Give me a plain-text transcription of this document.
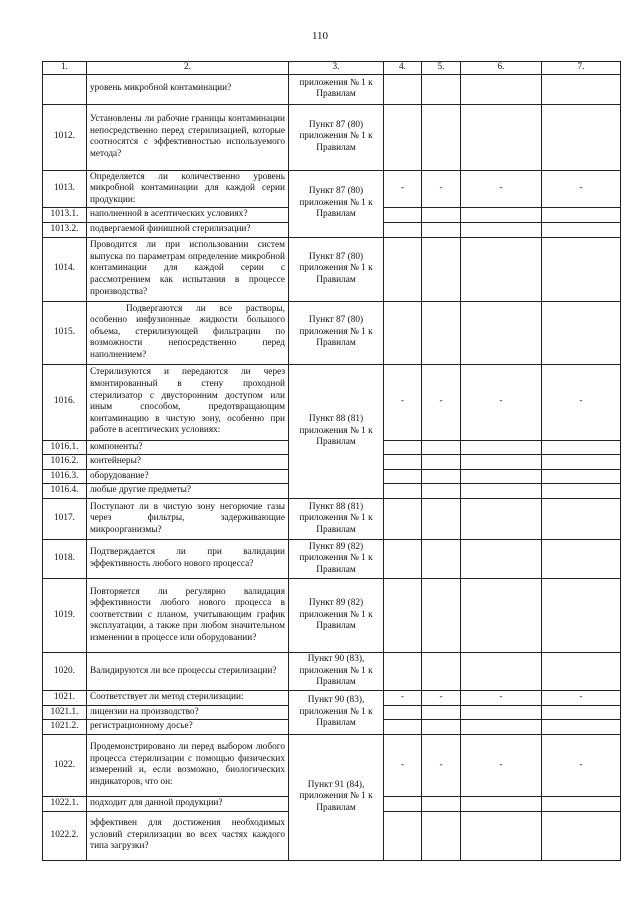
110
1.	2.	3.	4.	5.	6.	7.
	уровень микробной контаминации?	приложения № 1 к Правилам				
1012.	Установлены ли рабочие границы контаминации непосредственно перед стерилизацией, которые соотносятся с эффективностью используемого метода?	Пункт 87 (80) приложения № 1 к Правилам				
1013.	Определяется ли количественно уровень микробной контаминации для каждой серии продукции:	Пункт 87 (80) приложения № 1 к Правилам	-	-	-	-
1013.1.	наполненной в асептических условиях?					
1013.2.	подвергаемой финишной стерилизации?					
1014.	Проводится ли при использовании систем выпуска по параметрам определение микробной контаминации для каждой серии с рассмотрением как испытания в процессе производства?	Пункт 87 (80) приложения № 1 к Правилам				
1015.	Подвергаются ли все растворы, особенно инфузионные жидкости большого объема, стерилизующей фильтрации по возможности непосредственно перед наполнением?	Пункт 87 (80) приложения № 1 к Правилам				
1016.	Стерилизуются и передаются ли через вмонтированный в стену проходной стерилизатор с двусторонним доступом или иным способом, предотвращающим контаминацию в чистую зону, особенно при работе в асептических условиях:	Пункт 88 (81) приложения № 1 к Правилам	-	-	-	-
1016.1.	компоненты?					
1016.2.	контейнеры?					
1016.3.	оборудование?					
1016.4.	любые другие предметы?					
1017.	Поступают ли в чистую зону негорючие газы через фильтры, задерживающие микроорганизмы?	Пункт 88 (81) приложения № 1 к Правилам				
1018.	Подтверждается ли при валидации эффективность любого нового процесса?	Пункт 89 (82) приложения № 1 к Правилам				
1019.	Повторяется ли регулярно валидация эффективности любого нового процесса в соответствии с планом, учитывающим график эксплуатации, а также при любом значительном изменении в процессе или оборудовании?	Пункт 89 (82) приложения № 1 к Правилам				
1020.	Валидируются ли все процессы стерилизации?	Пункт 90 (83), приложения № 1 к Правилам				
1021.	Соответствует ли метод стерилизации:	Пункт 90 (83), приложения № 1 к Правилам	-	-	-	-
1021.1.	лицензии на производство?					
1021.2.	регистрационному досье?					
1022.	Продемонстрировано ли перед выбором любого процесса стерилизации с помощью физических измерений и, если возможно, биологических индикаторов, что он:	Пункт 91 (84), приложения № 1 к Правилам	-	-	-	-
1022.1.	подходит для данной продукции?					
1022.2.	эффективен для достижения необходимых условий стерилизации во всех частях каждого типа загрузки?					
